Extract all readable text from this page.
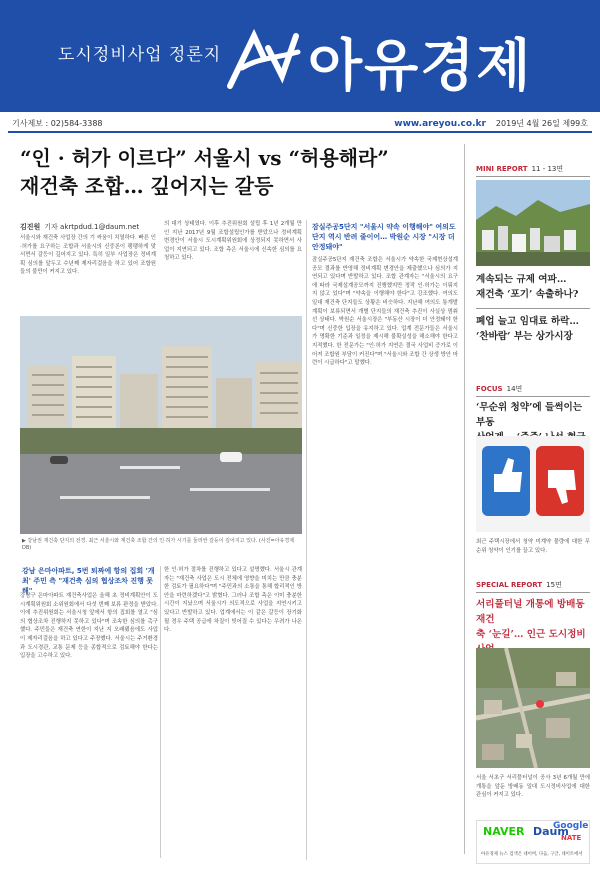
도시정비사업 정론지 아유경제
기사제보 : 02)584-3388	www.areyou.co.kr 2019년 4월 26일 제99호
“인 · 허가 이르다” 서울시 vs “허용해라”
재건축 조합… 깊어지는 갈등
김진원 기자 akrtpdud.1@daum.net
서울시와 재건축 사업장 간의 기 싸움이 치열하다. 빠른 인·허가를 요구하는 조합과 서울시의 신중론이 팽팽하게 맞서면서 갈등이 깊어지고 있다. 특히 일부 사업장은 정비계획 심의를 앞두고 수년째 제자리걸음을 하고 있어 조합원들의 불만이 커지고 있다.
의 대기 상태였다. 이후 추진위원회 설립 후 1년 2개월 만인 지난 2017년 9월 조합설립인가를 받았으나 정비계획 변경안이 서울시 도시계획위원회에 상정되지 못하면서 사업이 지연되고 있다. 조합 측은 서울시에 신속한 심의를 요청하고 있다.
▶ 강남권 재건축 단지의 전경. 최근 서울시와 재건축 조합 간의 인·허가 시기를 둘러싼 갈등이 깊어지고 있다. (사진=아유경제 DB)
강남 은마아파트, 5번 퇴짜에 항의 집회 '개최' 주민 측 "재건축 심의 협상조차 진행 못 해"
강남구 은마아파트 재건축사업은 올해 초 정비계획안이 도시계획위원회 소위원회에서 다섯 번째 보류 판정을 받았다. 이에 추진위원회는 서울시청 앞에서 항의 집회를 열고 "심의 협상조차 진행하지 못하고 있다"며 조속한 심의를 촉구했다. 주민들은 재건축 연한이 지난 지 오래됐음에도 사업이 제자리걸음을 하고 있다고 주장했다. 서울시는 주거환경과 도시경관, 교통 문제 등을 종합적으로 검토해야 한다는 입장을 고수하고 있다.
한 인·허가 절차를 진행하고 있다고 설명했다. 서울시 관계자는 "재건축 사업은 도시 전체에 영향을 미치는 만큼 충분한 검토가 필요하다"며 "주민과의 소통을 통해 합리적인 방안을 마련하겠다"고 밝혔다. 그러나 조합 측은 이미 충분한 시간이 지났으며 서울시가 의도적으로 사업을 지연시키고 있다고 반발하고 있다. 업계에서는 이 같은 갈등이 장기화될 경우 주택 공급에 차질이 빚어질 수 있다는 우려가 나온다.
잠실주공5단지 "서울시 약속 이행해야" 여의도단지 역시 반려 줄이어… 박원순 시장 "시장 더 안정돼야"
잠실주공5단지 재건축 조합은 서울시가 약속한 국제현상설계 공모 결과를 반영해 정비계획 변경안을 제출했으나 심의가 지연되고 있다며 반발하고 있다. 조합 관계자는 "서울시의 요구에 따라 국제설계공모까지 진행했지만 정작 인·허가는 이뤄지지 않고 있다"며 "약속을 이행해야 한다"고 강조했다. 여의도 일대 재건축 단지들도 상황은 비슷하다. 지난해 여의도 통개발 계획이 보류되면서 개별 단지들의 재건축 추진이 사실상 멈춰선 상태다. 박원순 서울시장은 "부동산 시장이 더 안정돼야 한다"며 신중한 입장을 유지하고 있다. 업계 전문가들은 서울시가 명확한 기준과 일정을 제시해 불확실성을 해소해야 한다고 지적했다. 한 전문가는 "인·허가 지연은 결국 사업비 증가로 이어져 조합원 부담이 커진다"며 "서울시와 조합 간 상생 방안 마련이 시급하다"고 말했다.
MINI REPORT 11 - 13면
계속되는 규제 여파…
재건축 ‘포기’ 속출하나?
폐업 늘고 임대료 하락…
‘찬바람’ 부는 상가시장
FOCUS 14면
‘무순위 청약’에 들썩이는 부동
최근 주택시장에서 청약 미계약 물량에 대한 무순위 청약이 인기를 끌고 있다.
SPECIAL REPORT 15면
서리풀터널 개통에 방배동 재건
축 ‘눈길’… 인근 도시정비
서울 서초구 서리풀터널이 공사 3년 6개월 만에 개통을 앞둔 방배동 일대 도시정비사업에 대한 관심이 커지고 있다.
NAVER Daum
Google
NATE
아유경제 뉴스 검색은 네이버, 다음, 구글, 네이트에서
